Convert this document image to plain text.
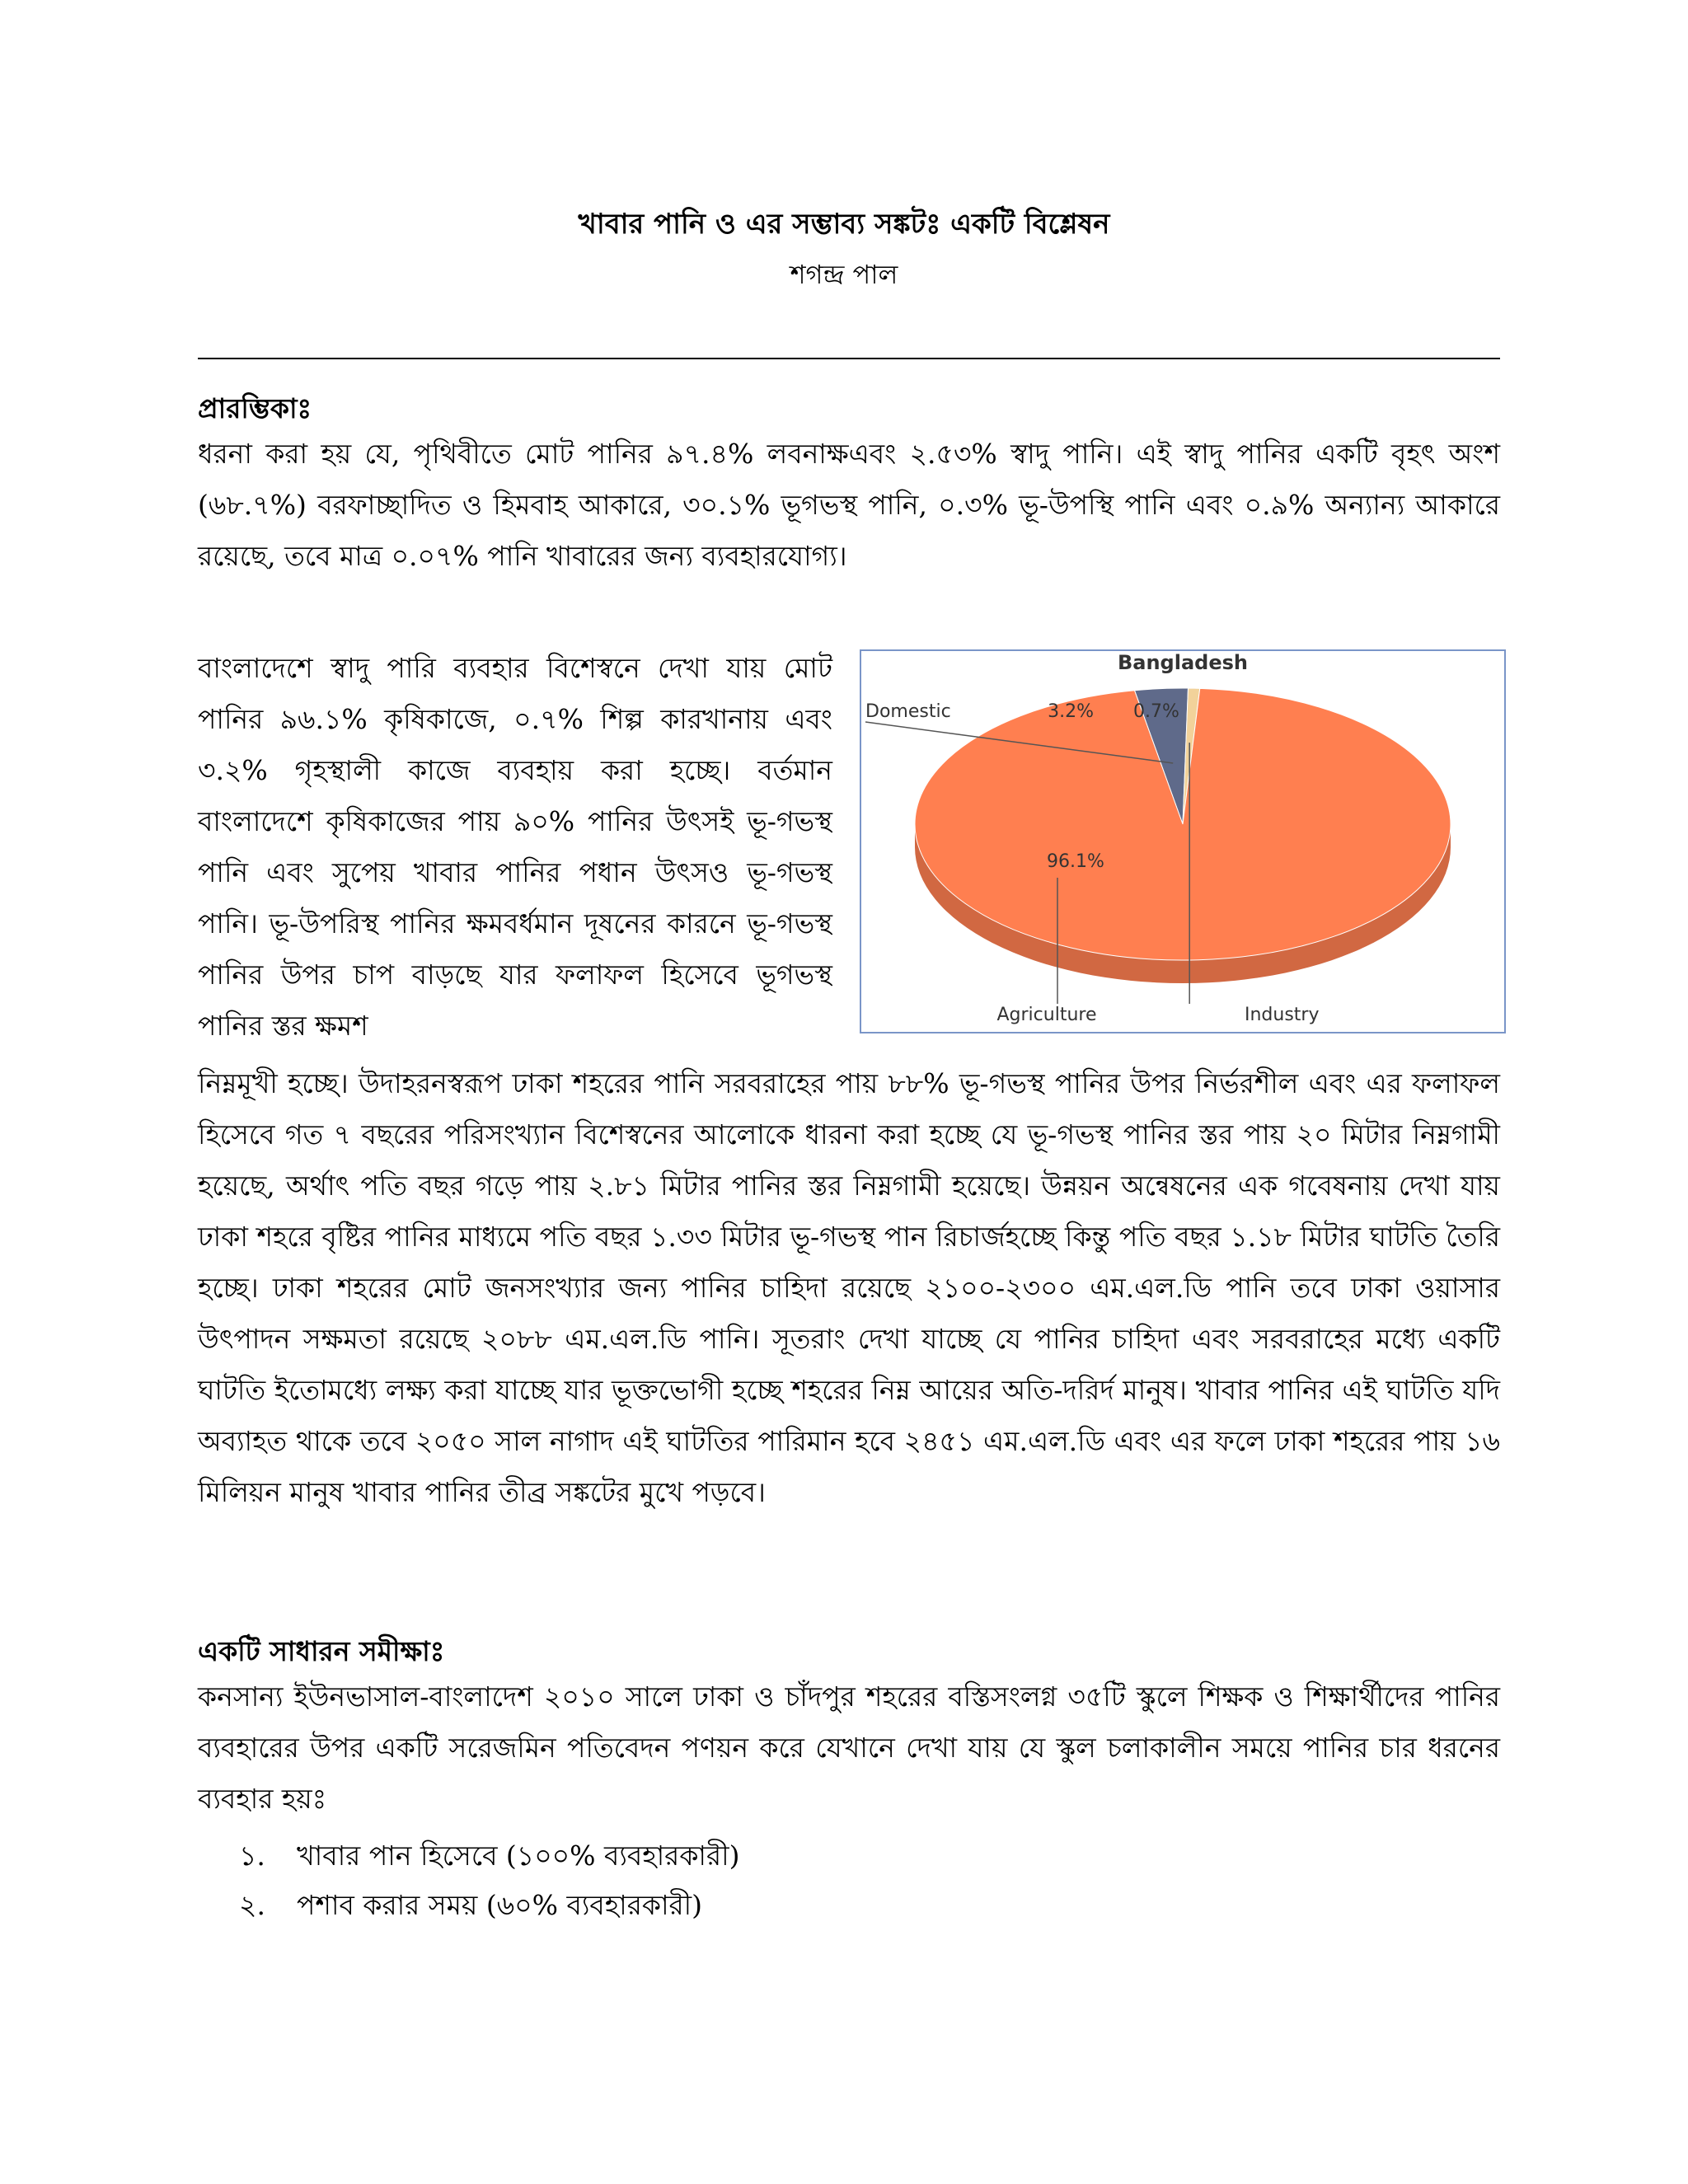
খাবার পানি ও এর সম্ভাব্য সঙ্কটঃ একটি বিশ্লেষন
শগন্দ্র পাল
প্রারম্ভিকাঃ
ধরনা করা হয় যে, পৃথিবীতে মোট পানির ৯৭.৪% লবনাক্ষএবং ২.৫৩% স্বাদু পানি। এই স্বাদু পানির একটি বৃহৎ অংশ (৬৮.৭%) বরফাচ্ছাদিত ও হিমবাহ আকারে, ৩০.১% ভূগভস্থ পানি, ০.৩% ভূ-উপস্থি পানি এবং ০.৯% অন্যান্য আকারে রয়েছে, তবে মাত্র ০.০৭% পানি খাবারের জন্য ব্যবহারযোগ্য।
বাংলাদেশে স্বাদু পারি ব্যবহার বিশেস্বনে দেখা যায় মোট পানির ৯৬.১% কৃষিকাজে, ০.৭% শিল্প কারখানায় এবং ৩.২% গৃহস্থালী কাজে ব্যবহায় করা হচ্ছে। বর্তমান বাংলাদেশে কৃষিকাজের পায় ৯০% পানির উৎসই ভূ-গভস্থ পানি এবং সুপেয় খাবার পানির পধান উৎসও ভূ-গভস্থ পানি। ভূ-উপরিস্থ পানির ক্ষমবর্ধমান দূষনের কারনে ভূ-গভস্থ পানির উপর চাপ বাড়ছে যার ফলাফল হিসেবে ভূগভস্থ পানির স্তর ক্ষমশ
Bangladesh
Domestic	3.2% 0.7%
Industry
96.1%
Agriculture
নিম্নমূখী হচ্ছে। উদাহরনস্বরূপ ঢাকা শহরের পানি সরবরাহের পায় ৮৮% ভূ-গভস্থ পানির উপর নির্ভরশীল এবং এর ফলাফল হিসেবে গত ৭ বছরের পরিসংখ্যান বিশেস্বনের আলোকে ধারনা করা হচ্ছে যে ভূ-গভস্থ পানির স্তর পায় ২০ মিটার নিম্নগামী হয়েছে, অর্থাৎ পতি বছর গড়ে পায় ২.৮১ মিটার পানির স্তর নিম্নগামী হয়েছে। উন্নয়ন অন্বেষনের এক গবেষনায় দেখা যায় ঢাকা শহরে বৃষ্টির পানির মাধ্যমে পতি বছর ১.৩৩ মিটার ভূ-গভস্থ পান রিচার্জহচ্ছে কিন্তু পতি বছর ১.১৮ মিটার ঘাটতি তৈরি হচ্ছে। ঢাকা শহরের মোট জনসংখ্যার জন্য পানির চাহিদা রয়েছে ২১০০-২৩০০ এম.এল.ডি পানি তবে ঢাকা ওয়াসার উৎপাদন সক্ষমতা রয়েছে ২০৮৮ এম.এল.ডি পানি। সূতরাং দেখা যাচ্ছে যে পানির চাহিদা এবং সরবরাহের মধ্যে একটি ঘাটতি ইতোমধ্যে লক্ষ্য করা যাচ্ছে যার ভূক্তভোগী হচ্ছে শহরের নিম্ন আয়ের অতি-দরির্দ মানুষ। খাবার পানির এই ঘাটতি যদি অব্যাহত থাকে তবে ২০৫০ সাল নাগাদ এই ঘাটতির পারিমান হবে ২৪৫১ এম.এল.ডি এবং এর ফলে ঢাকা শহরের পায় ১৬ মিলিয়ন মানুষ খাবার পানির তীব্র সঙ্কটের মুখে পড়বে।
একটি সাধারন সমীক্ষাঃ
কনসান্য ইউনভাসাল-বাংলাদেশ ২০১০ সালে ঢাকা ও চাঁদপুর শহরের বস্তিসংলগ্ন ৩৫টি স্কুলে শিক্ষক ও শিক্ষার্থীদের পানির ব্যবহারের উপর একটি সরেজমিন পতিবেদন পণয়ন করে যেখানে দেখা যায় যে স্কুল চলাকালীন সময়ে পানির চার ধরনের ব্যবহার হয়ঃ
১.	খাবার পান হিসেবে (১০০% ব্যবহারকারী)
২.	পশাব করার সময় (৬০% ব্যবহারকারী)
